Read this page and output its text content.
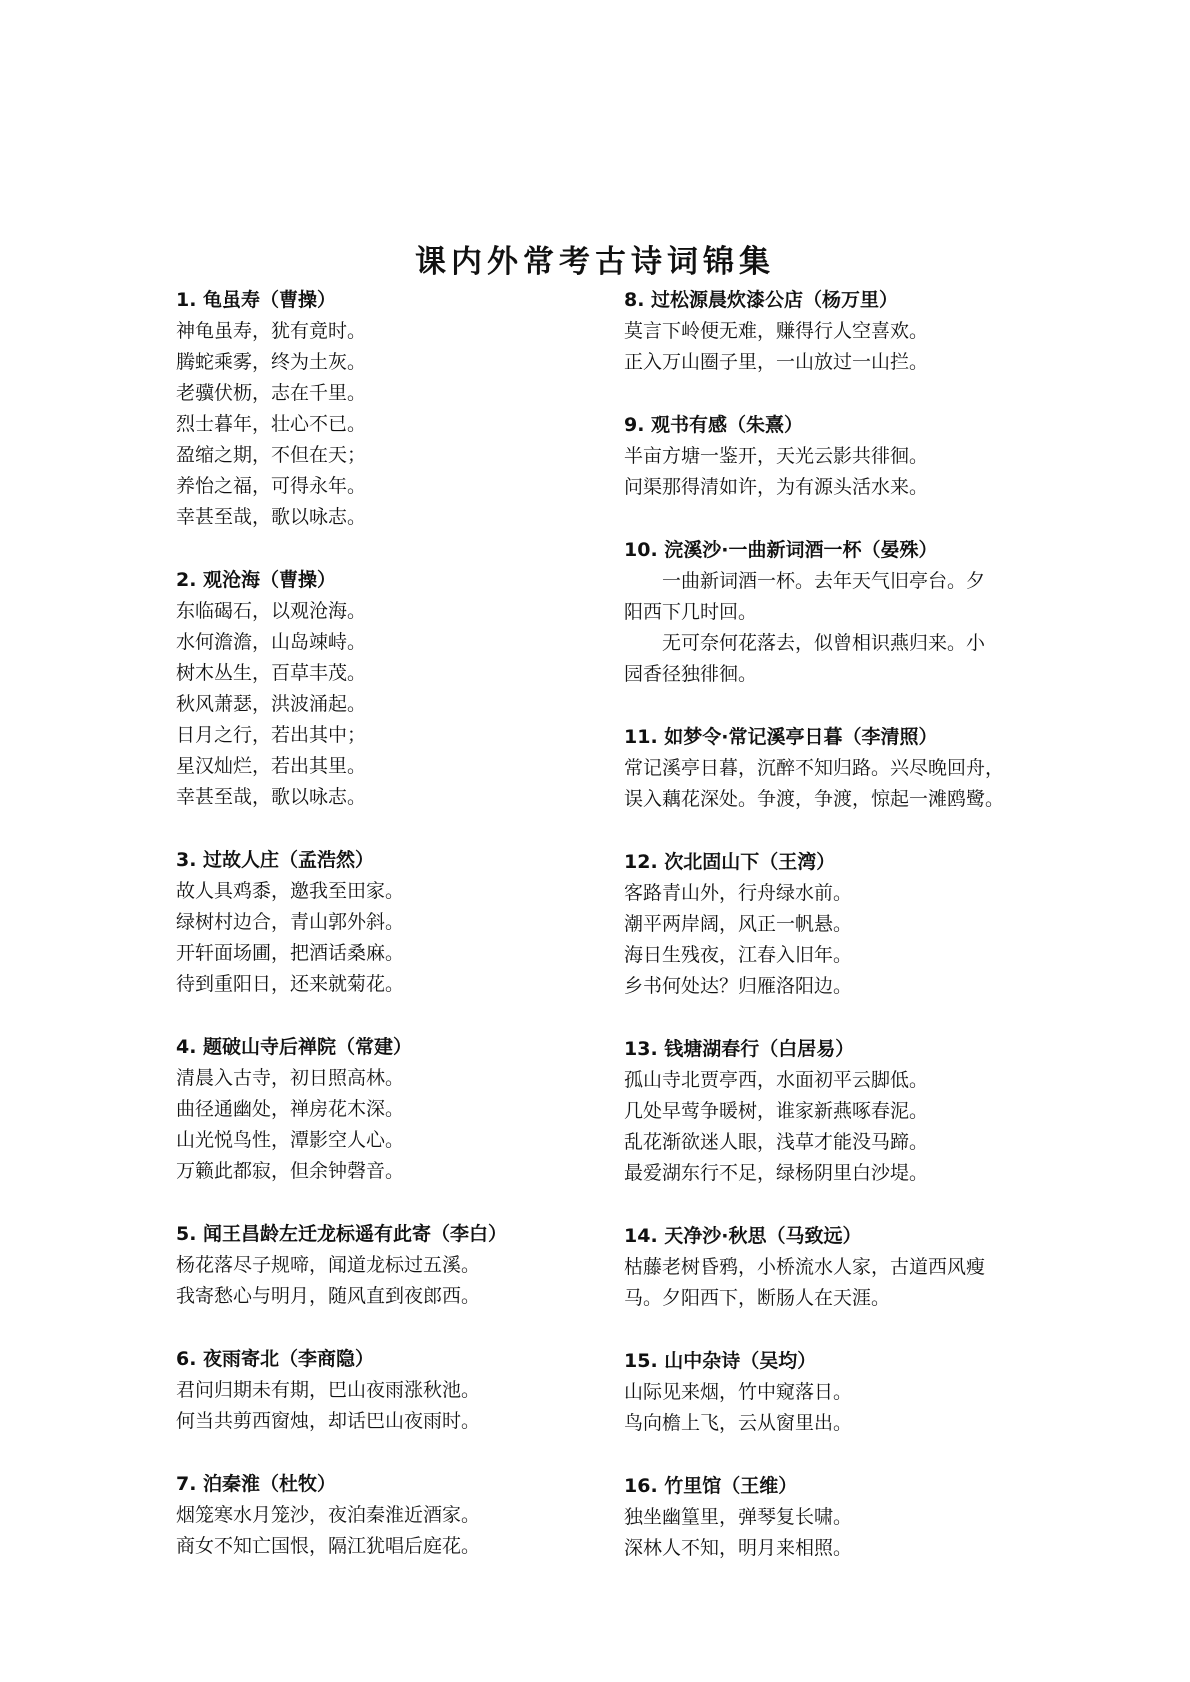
课内外常考古诗词锦集
1. 龟虽寿（曹操）
神龟虽寿，犹有竟时。
腾蛇乘雾，终为土灰。
老骥伏枥，志在千里。
烈士暮年，壮心不已。
盈缩之期，不但在天；
养怡之福，可得永年。
幸甚至哉，歌以咏志。
2. 观沧海（曹操）
东临碣石，以观沧海。
水何澹澹，山岛竦峙。
树木丛生，百草丰茂。
秋风萧瑟，洪波涌起。
日月之行，若出其中；
星汉灿烂，若出其里。
幸甚至哉，歌以咏志。
3. 过故人庄（孟浩然）
故人具鸡黍，邀我至田家。
绿树村边合，青山郭外斜。
开轩面场圃，把酒话桑麻。
待到重阳日，还来就菊花。
4. 题破山寺后禅院（常建）
清晨入古寺，初日照高林。
曲径通幽处，禅房花木深。
山光悦鸟性，潭影空人心。
万籁此都寂，但余钟磬音。
5. 闻王昌龄左迁龙标遥有此寄（李白）
杨花落尽子规啼，闻道龙标过五溪。
我寄愁心与明月，随风直到夜郎西。
6. 夜雨寄北（李商隐）
君问归期未有期，巴山夜雨涨秋池。
何当共剪西窗烛，却话巴山夜雨时。
7. 泊秦淮（杜牧）
烟笼寒水月笼沙，夜泊秦淮近酒家。
商女不知亡国恨，隔江犹唱后庭花。
8. 过松源晨炊漆公店（杨万里）
莫言下岭便无难，赚得行人空喜欢。
正入万山圈子里，一山放过一山拦。
9. 观书有感（朱熹）
半亩方塘一鉴开，天光云影共徘徊。
问渠那得清如许，为有源头活水来。
10. 浣溪沙·一曲新词酒一杯（晏殊）
一曲新词酒一杯。去年天气旧亭台。夕
阳西下几时回。
无可奈何花落去，似曾相识燕归来。小
园香径独徘徊。
11. 如梦令·常记溪亭日暮（李清照）
常记溪亭日暮，沉醉不知归路。兴尽晚回舟，
误入藕花深处。争渡，争渡，惊起一滩鸥鹭。
12. 次北固山下（王湾）
客路青山外，行舟绿水前。
潮平两岸阔，风正一帆悬。
海日生残夜，江春入旧年。
乡书何处达？归雁洛阳边。
13. 钱塘湖春行（白居易）
孤山寺北贾亭西，水面初平云脚低。
几处早莺争暖树，谁家新燕啄春泥。
乱花渐欲迷人眼，浅草才能没马蹄。
最爱湖东行不足，绿杨阴里白沙堤。
14. 天净沙·秋思（马致远）
枯藤老树昏鸦，小桥流水人家，古道西风瘦
马。夕阳西下，断肠人在天涯。
15. 山中杂诗（吴均）
山际见来烟，竹中窥落日。
鸟向檐上飞，云从窗里出。
16. 竹里馆（王维）
独坐幽篁里，弹琴复长啸。
深林人不知，明月来相照。
